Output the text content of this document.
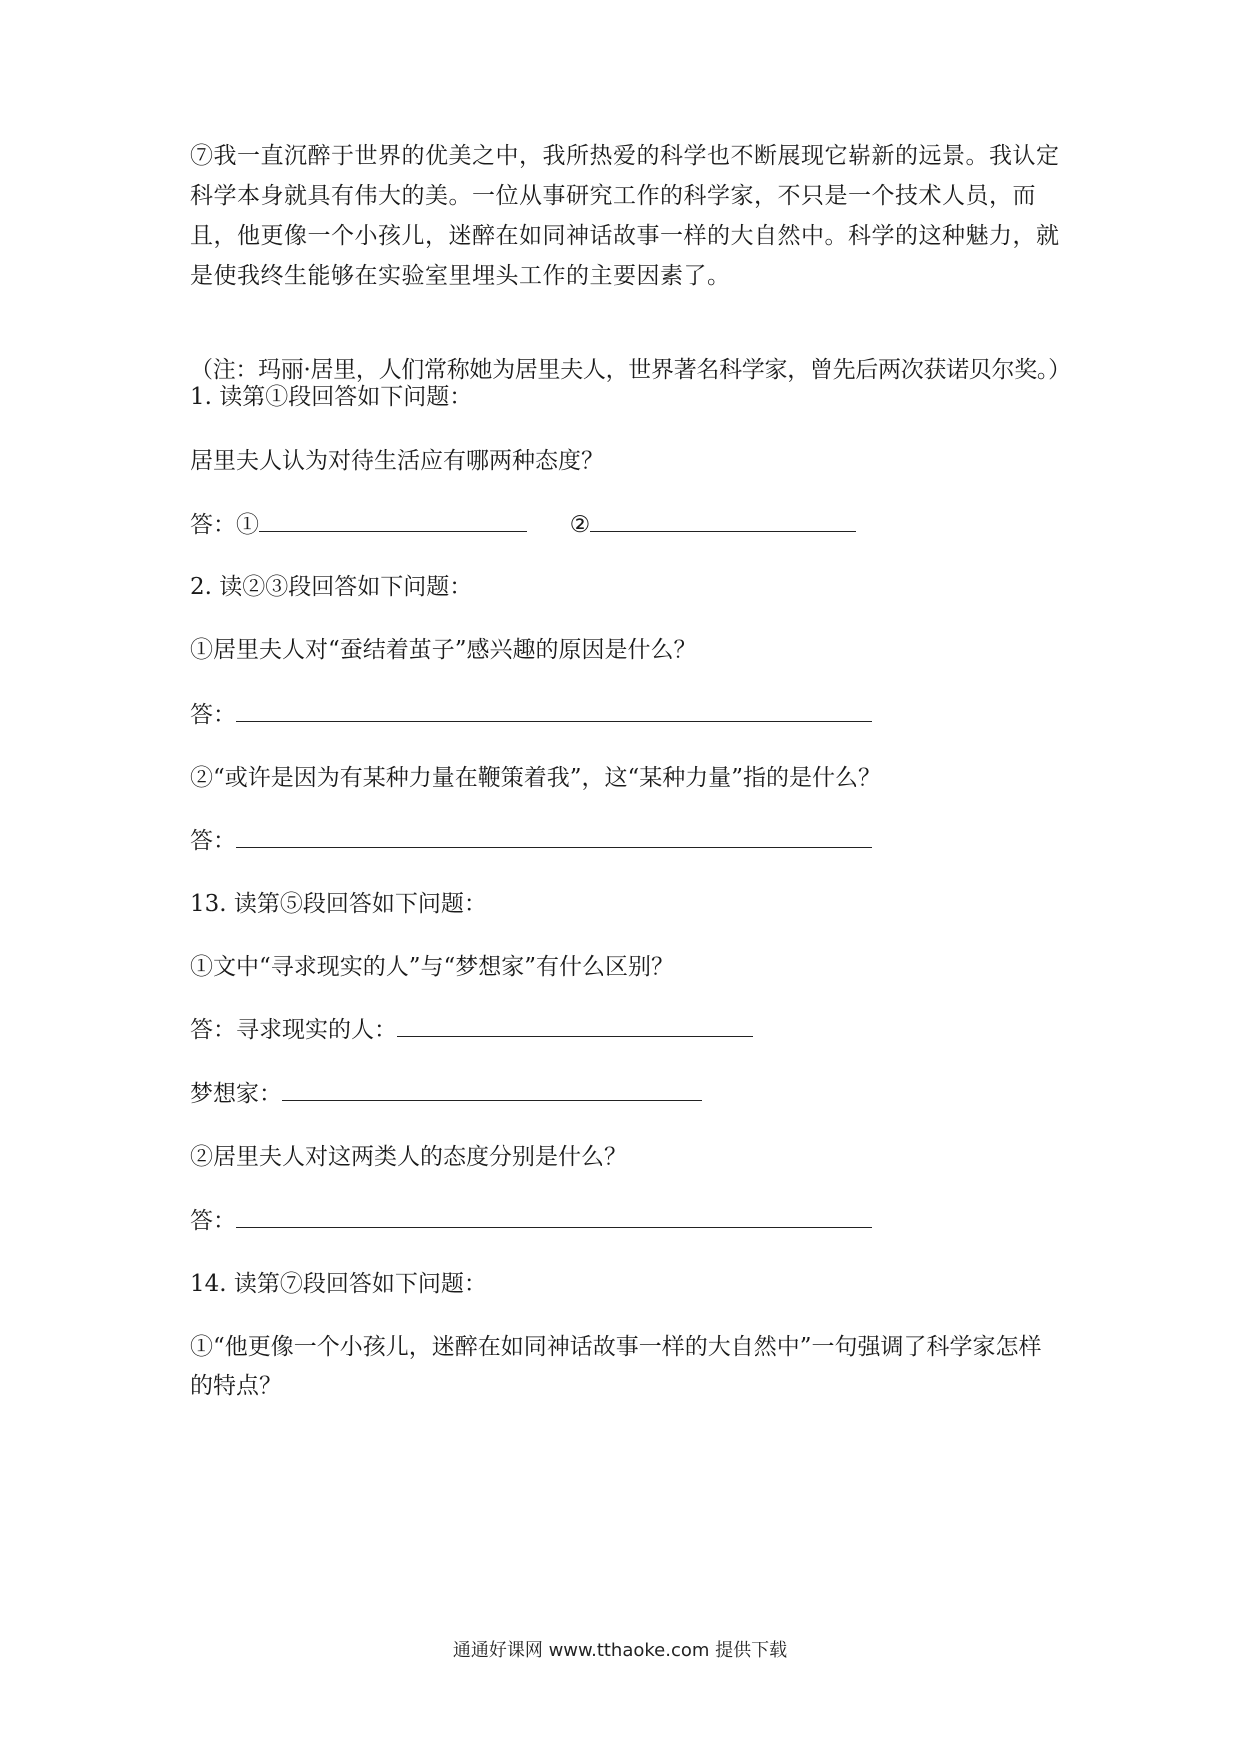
⑦我一直沉醉于世界的优美之中，我所热爱的科学也不断展现它崭新的远景。我认定科学本身就具有伟大的美。一位从事研究工作的科学家，不只是一个技术人员，而且，他更像一个小孩儿，迷醉在如同神话故事一样的大自然中。科学的这种魅力，就是使我终生能够在实验室里埋头工作的主要因素了。

（注：玛丽·居里，人们常称她为居里夫人，世界著名科学家，曾先后两次获诺贝尔奖。）

1. 读第①段回答如下问题：

居里夫人认为对待生活应有哪两种态度？

答：①	②

2. 读②③段回答如下问题：

①居里夫人对“蚕结着茧子”感兴趣的原因是什么？

答：

②“或许是因为有某种力量在鞭策着我”，这“某种力量”指的是什么？

答：

13. 读第⑤段回答如下问题：

①文中“寻求现实的人”与“梦想家”有什么区别？

答：寻求现实的人：
梦想家：

②居里夫人对这两类人的态度分别是什么？

答：

14. 读第⑦段回答如下问题：

①“他更像一个小孩儿，迷醉在如同神话故事一样的大自然中”一句强调了科学家怎样

的特点？

通通好课网 www.tthaoke.com 提供下载
